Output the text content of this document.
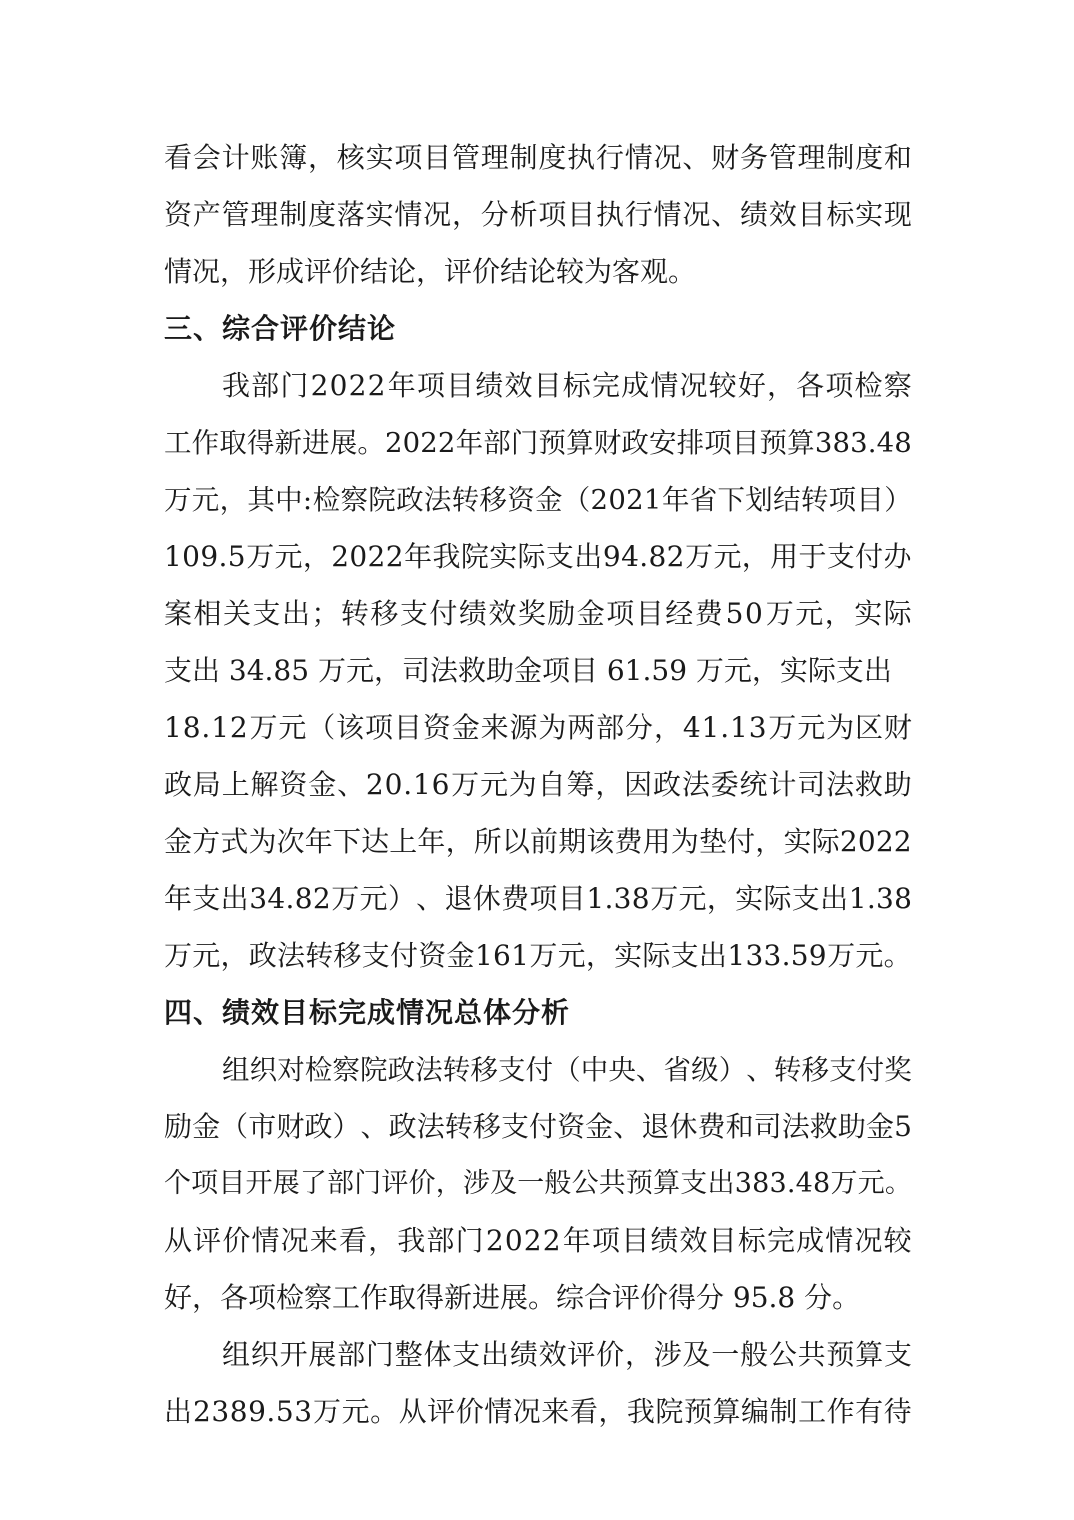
看 会 计 账 簿 ， 核 实 项 目 管 理 制 度 执 行 情 况 、 财 务 管 理 制 度 和
资 产 管 理 制 度 落 实 情 况 ， 分 析 项 目 执 行 情 况 、 绩 效 目 标 实 现
情况，形成评价结论，评价结论较为客观。
三、综合评价结论
我 部 门 2 0 2 2 年 项 目 绩 效 目 标 完 成 情 况 较 好 ， 各 项 检 察
工 作 取 得 新 进 展 。 2 0 2 2 年 部 门 预 算 财 政 安 排 项 目 预 算 3 8 3 . 4 8
万 元 ， 其 中 : 检 察 院 政 法 转 移 资 金 （ 2 0 2 1 年 省 下 划 结 转 项 目 ）
1 0 9 . 5 万 元 ， 2 0 2 2 年 我 院 实 际 支 出 9 4 . 8 2 万 元 ， 用 于 支 付 办
案 相 关 支 出 ； 转 移 支 付 绩 效 奖 励 金 项 目 经 费 5 0 万 元 ， 实 际
支出 34.85 万元，司法救助金项目 61.59 万元，实际支出
1 8 . 1 2 万 元 （ 该 项 目 资 金 来 源 为 两 部 分 ， 4 1 . 1 3 万 元 为 区 财
政 局 上 解 资 金 、 2 0 . 1 6 万 元 为 自 筹 ， 因 政 法 委 统 计 司 法 救 助
金 方 式 为 次 年 下 达 上 年 ， 所 以 前 期 该 费 用 为 垫 付 ， 实 际 2 0 2 2
年 支 出 3 4 . 8 2 万 元 ） 、 退 休 费 项 目 1 . 3 8 万 元 ， 实 际 支 出 1 . 3 8
万 元 ， 政 法 转 移 支 付 资 金 1 6 1 万 元 ， 实 际 支 出 1 3 3 . 5 9 万 元 。
四、绩效目标完成情况总体分析
组 织 对 检 察 院 政 法 转 移 支 付 （ 中 央 、 省 级 ） 、 转 移 支 付 奖
励 金 （ 市 财 政 ） 、 政 法 转 移 支 付 资 金 、 退 休 费 和 司 法 救 助 金 5
个 项 目 开 展 了 部 门 评 价 ， 涉 及 一 般 公 共 预 算 支 出 3 8 3 . 4 8 万 元 。
从 评 价 情 况 来 看 ， 我 部 门 2 0 2 2 年 项 目 绩 效 目 标 完 成 情 况 较
好，各项检察工作取得新进展。综合评价得分 95.8 分。
组 织 开 展 部 门 整 体 支 出 绩 效 评 价 ， 涉 及 一 般 公 共 预 算 支
出 2 3 8 9 . 5 3 万 元 。 从 评 价 情 况 来 看 ， 我 院 预 算 编 制 工 作 有 待
